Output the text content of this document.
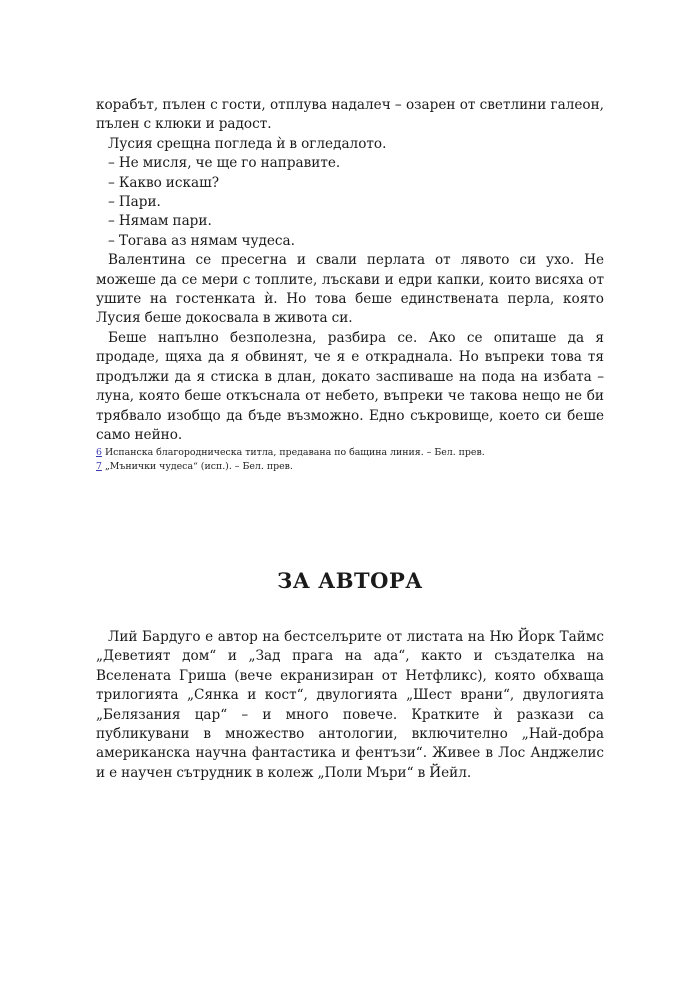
корабът, пълен с гости, отплува надалеч – озарен от светлини галеон, пълен с клюки и радост.

Лусия срещна погледа ѝ в огледалото.

– Не мисля, че ще го направите.

– Какво искаш?

– Пари.

– Нямам пари.

– Тогава аз нямам чудеса.

Валентина се пресегна и свали перлата от лявото си ухо. Не можеше да се мери с топлите, лъскави и едри капки, които висяха от ушите на гостенката ѝ. Но това беше единствената перла, която Лусия беше докосвала в живота си.

Беше напълно безполезна, разбира се. Ако се опиташе да я продаде, щяха да я обвинят, че я е откраднала. Но въпреки това тя продължи да я стиска в длан, докато заспиваше на пода на избата – луна, която беше откъснала от небето, въпреки че такова нещо не би трябвало изобщо да бъде възможно. Едно съкровище, което си беше само нейно.

6 Испанска благородническа титла, предавана по бащина линия. – Бел. прев.

7 „Мънички чудеса“ (исп.). – Бел. прев.

ЗА АВТОРА

Лий Бардуго е автор на бестселърите от листата на Ню Йорк Таймс „Деветият дом“ и „Зад прага на ада“, както и създателка на Вселената Гриша (вече екранизиран от Нетфликс), която обхваща трилогията „Сянка и кост“, двулогията „Шест врани“, двулогията „Белязания цар“ – и много повече. Кратките ѝ разкази са публикувани в множество антологии, включително „Най-добра американска научна фантастика и фентъзи“. Живее в Лос Анджелис и е научен сътрудник в колеж „Поли Мъри“ в Йейл.
